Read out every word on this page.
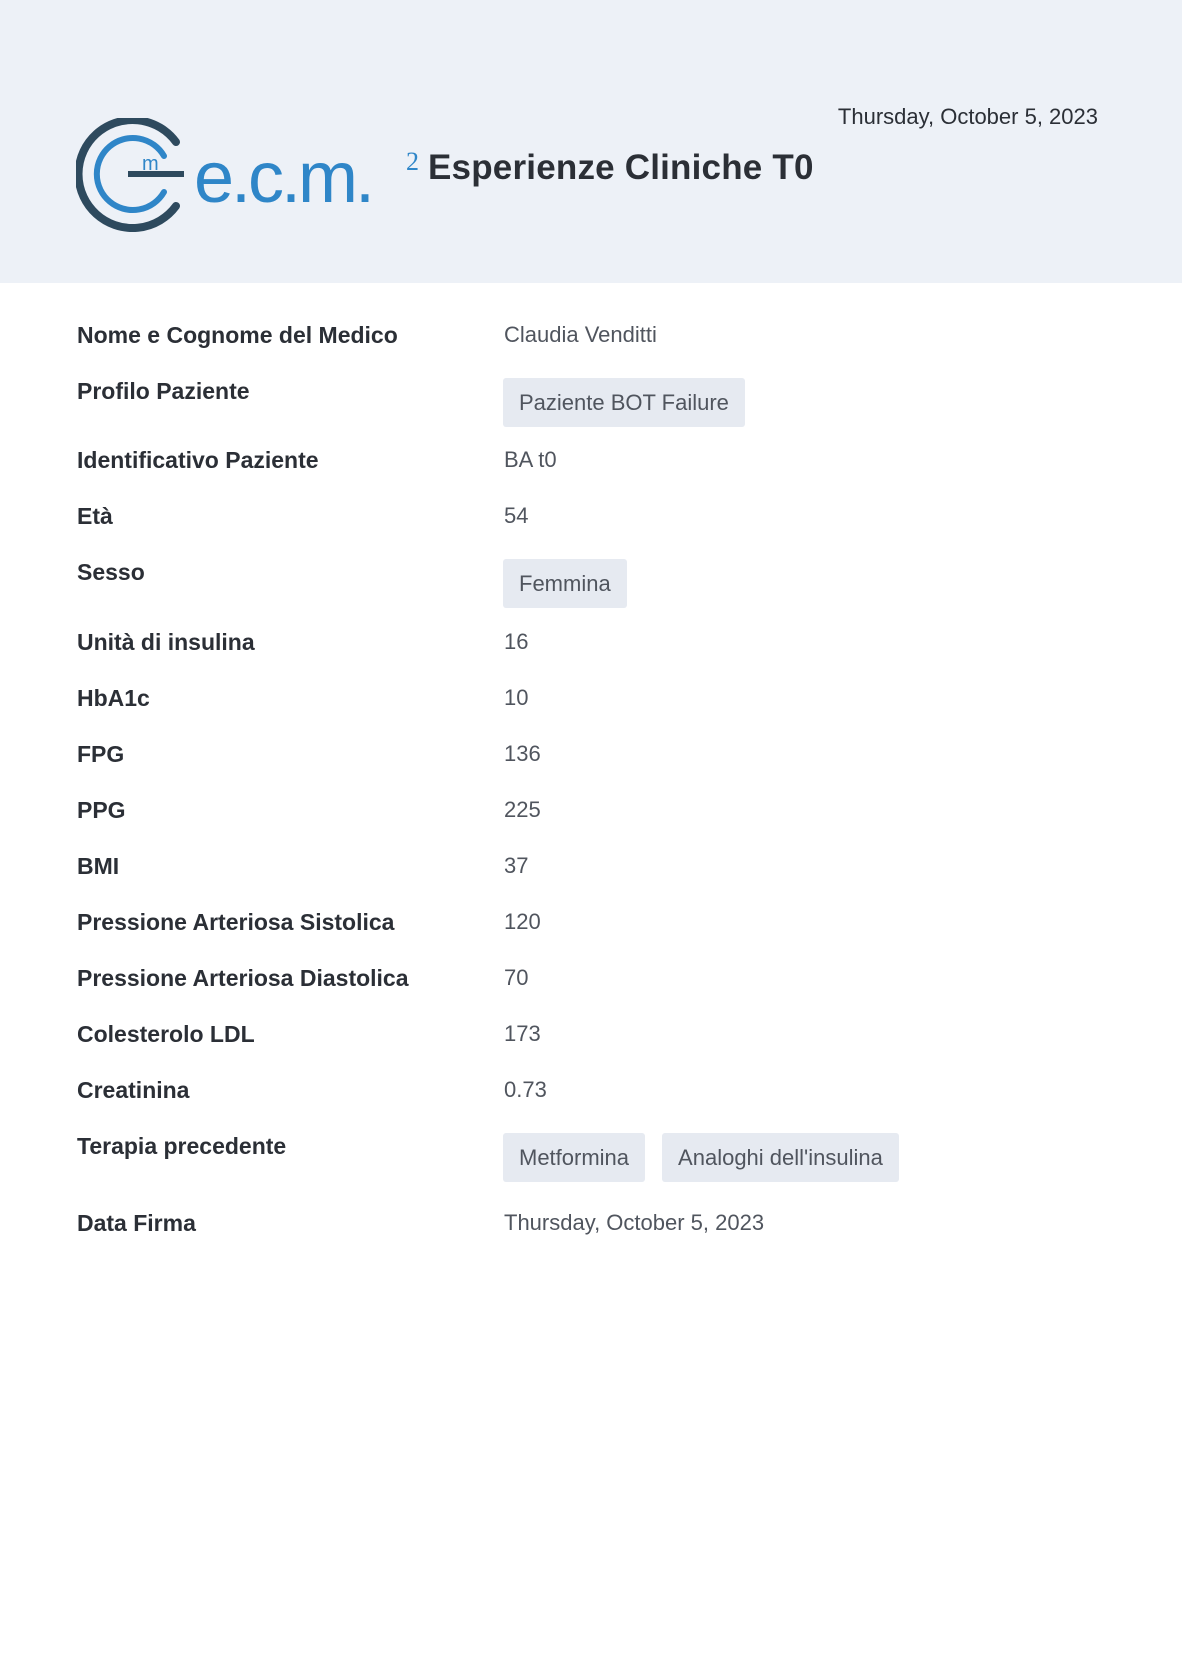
Thursday, October 5, 2023
m e.c.m. 2 Esperienze Cliniche T0
Nome e Cognome del Medico	Claudia Venditti
Profilo Paziente	Paziente BOT Failure
Identificativo Paziente	BA t0
Età	54
Sesso	Femmina
Unità di insulina	16
HbA1c	10
FPG	136
PPG	225
BMI	37
Pressione Arteriosa Sistolica	120
Pressione Arteriosa Diastolica	70
Colesterolo LDL	173
Creatinina	0.73
Terapia precedente	Metformina	Analoghi dell'insulina
Data Firma	Thursday, October 5, 2023
